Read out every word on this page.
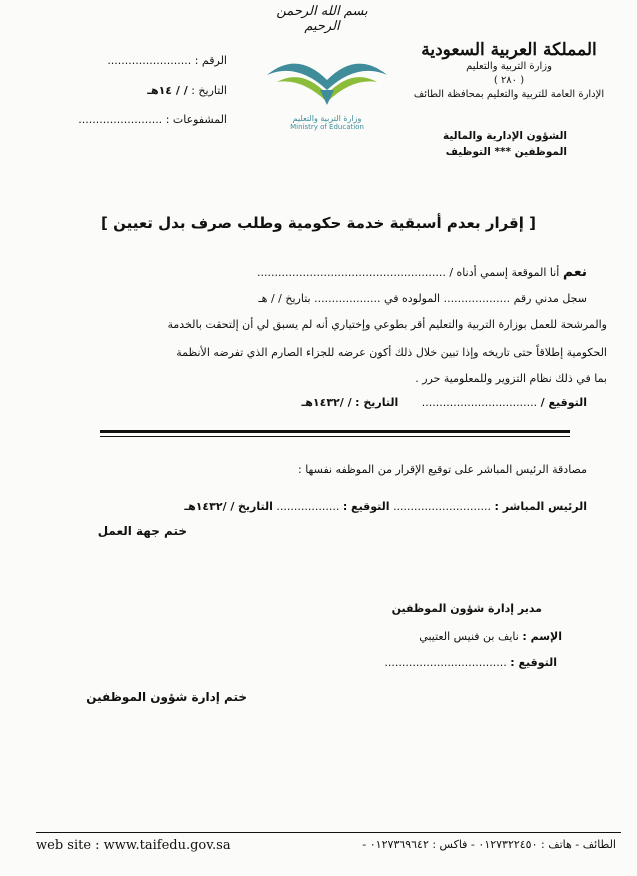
بسم الله الرحمن الرحيم
المملكة العربية السعودية
وزارة التربية والتعليم
( ٢٨٠ )
الإدارة العامة للتربية والتعليم بمحافظة الطائف
الشؤون الإدارية والمالية
الموظفين *** التوظيف
وزارة التربية والتعليم
Ministry of Education
الرقم : ........................
التاريخ : / / ١٤هـ
المشفوعات : ........................
[ إقرار بعدم أسبقية خدمة حكومية وطلب صرف بدل تعيين ]
نعم أنا الموقعة إسمي أدناه / ......................................................
سجل مدني رقم ................... المولوده في ................... بتاريخ / / هـ
والمرشحة للعمل بوزارة التربية والتعليم أقر بطوعي وإختياري أنه لم يسبق لي أن إلتحقت بالخدمة
الحكومية إطلاقاً حتى تاريخه وإذا تبين خلال ذلك أكون عرضه للجزاء الصارم الذي تفرضه الأنظمة
بما في ذلك نظام التزوير وللمعلومية حرر .
التوقيع / ................................. التاريخ : / /١٤٣٢هـ
مصادقة الرئيس المباشر على توقيع الإقرار من الموظفه نفسها :
الرئيس المباشر : ............................ التوقيع : .................. التاريخ / /١٤٣٢هـ
ختم جهة العمل
مدير إدارة شؤون الموظفين
الإسم : نايف بن فنيس العتيبي
التوقيع : ...................................
ختم إدارة شؤون الموظفين
web site : www.taifedu.gov.sa	الطائف - هاتف : ٠١٢٧٣٢٢٤٥٠ - فاكس : ٠١٢٧٣٦٩٦٤٢ -
